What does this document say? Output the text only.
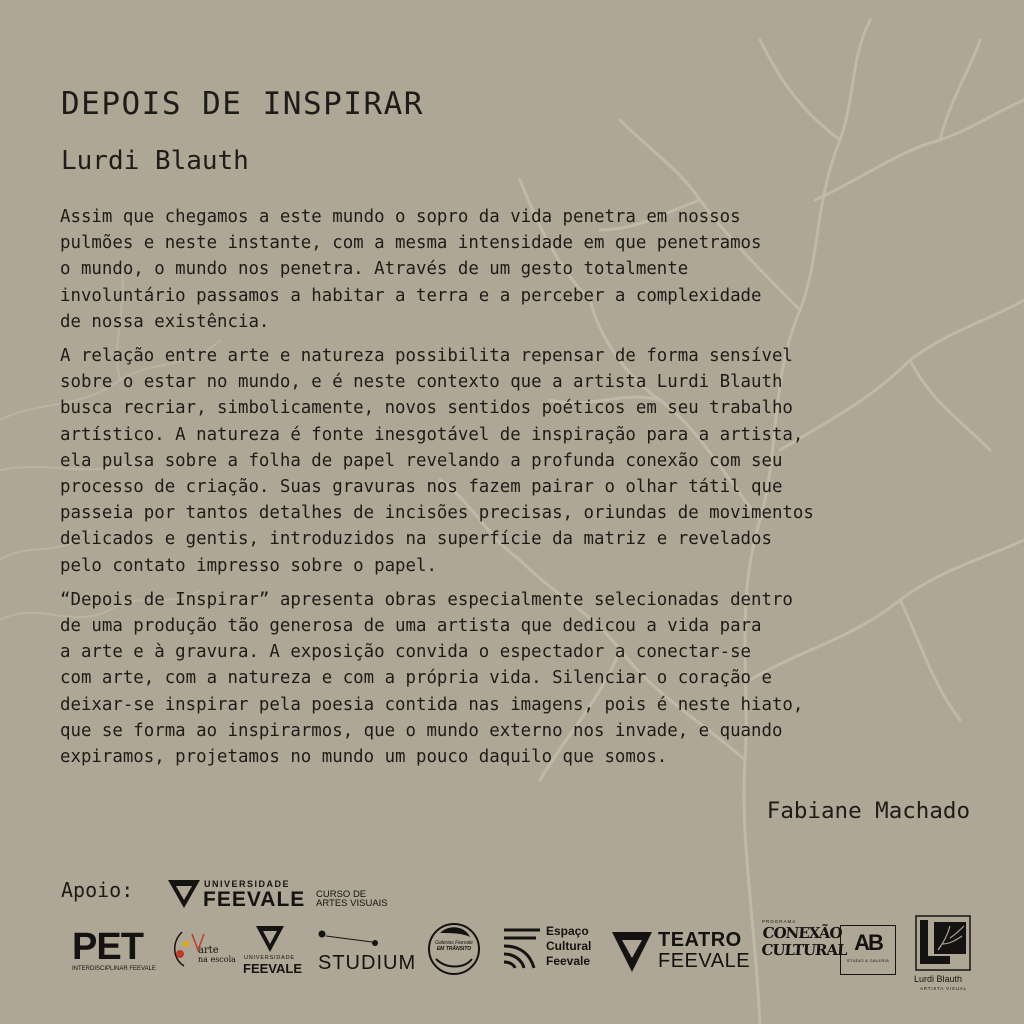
DEPOIS DE INSPIRAR
Lurdi Blauth

Assim que chegamos a este mundo o sopro da vida penetra em nossos
pulmões e neste instante, com a mesma intensidade em que penetramos
o mundo, o mundo nos penetra. Através de um gesto totalmente
involuntário passamos a habitar a terra e a perceber a complexidade
de nossa existência.

A relação entre arte e natureza possibilita repensar de forma sensível
sobre o estar no mundo, e é neste contexto que a artista Lurdi Blauth
busca recriar, simbolicamente, novos sentidos poéticos em seu trabalho
artístico. A natureza é fonte inesgotável de inspiração para a artista,
ela pulsa sobre a folha de papel revelando a profunda conexão com seu
processo de criação. Suas gravuras nos fazem pairar o olhar tátil que
passeia por tantos detalhes de incisões precisas, oriundas de movimentos
delicados e gentis, introduzidos na superfície da matriz e revelados
pelo contato impresso sobre o papel.

“Depois de Inspirar” apresenta obras especialmente selecionadas dentro
de uma produção tão generosa de uma artista que dedicou a vida para
a arte e à gravura. A exposição convida o espectador a conectar-se
com arte, com a natureza e com a própria vida. Silenciar o coração e
deixar-se inspirar pela poesia contida nas imagens, pois é neste hiato,
que se forma ao inspirarmos, que o mundo externo nos invade, e quando
expiramos, projetamos no mundo um pouco daquilo que somos.

Fabiane Machado
Apoio:	UNIVERSIDADE
FEEVALE CURSO DE
ARTES VISUAIS
PET
INTERDISCIPLINAR FEEVALE
arte
na escola UNIVERSIDADE
FEEVALE STUDIUM
Galerias Feevale
EM TRÂNSITO
Espaço
Cultural
Feevale
TEATRO
FEEVALE
PROGRAMA
CONEXÃO
CULTURAL AB
STUDIO & GALERIA
Lurdi Blauth
ARTISTA VISUAL
